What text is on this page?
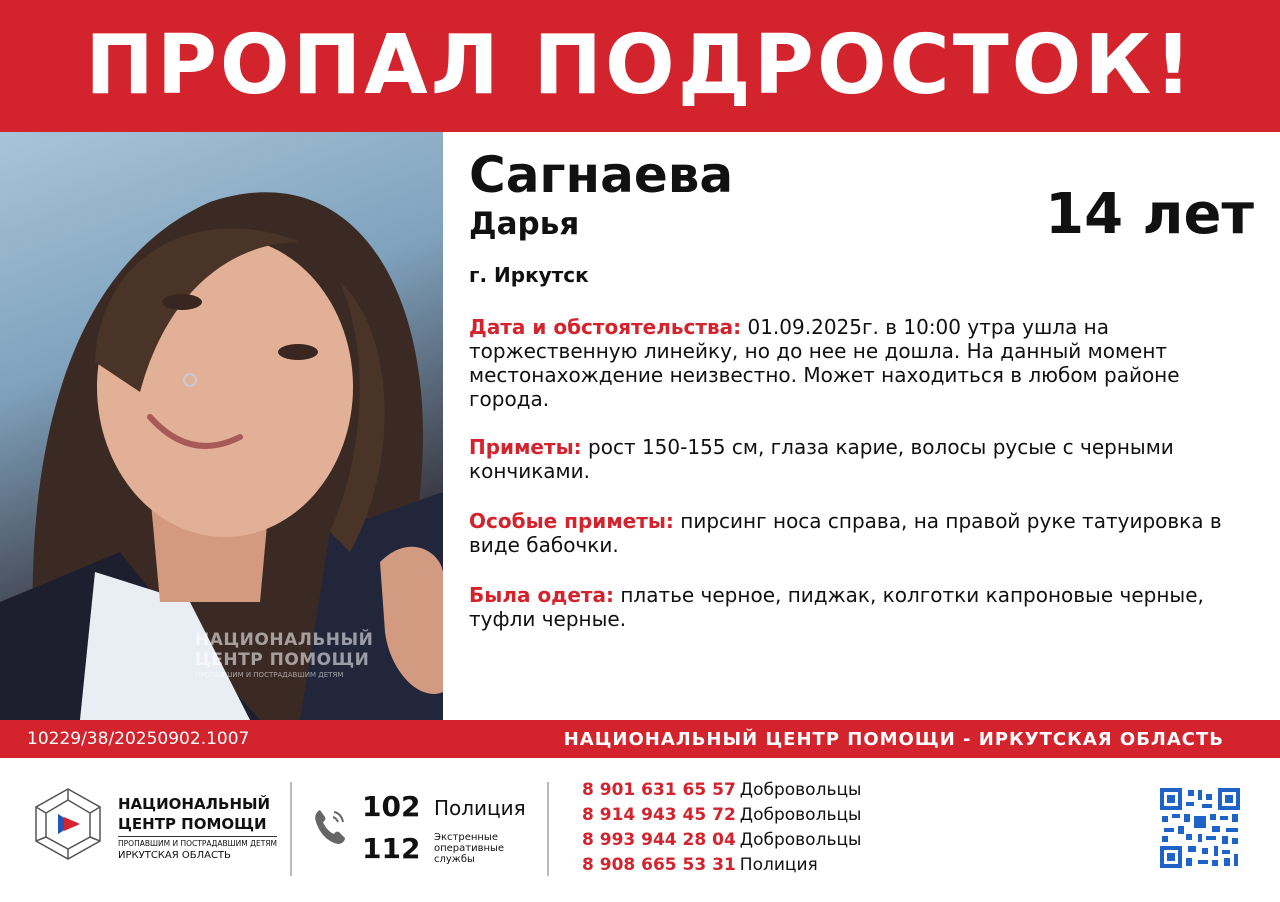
ПРОПАЛ ПОДРОСТОК!
НАЦИОНАЛЬНЫЙ
ЦЕНТР ПОМОЩИ
ПРОПАВШИМ И ПОСТРАДАВШИМ ДЕТЯМ
Сагнаева
Дарья	14 лет
г. Иркутск
Дата и обстоятельства: 01.09.2025г. в 10:00 утра ушла на торжественную линейку, но до нее не дошла. На данный момент местонахождение неизвестно. Может находиться в любом районе города.
Приметы: рост 150-155 см, глаза карие, волосы русые с черными кончиками.
Особые приметы: пирсинг носа справа, на правой руке татуировка в виде бабочки.
Была одета: платье черное, пиджак, колготки капроновые черные, туфли черные.
10229/38/20250902.1007	НАЦИОНАЛЬНЫЙ ЦЕНТР ПОМОЩИ - ИРКУТСКАЯ ОБЛАСТЬ
НАЦИОНАЛЬНЫЙ
ЦЕНТР ПОМОЩИ
ПРОПАВШИМ И ПОСТРАДАВШИМ ДЕТЯМ
ИРКУТСКАЯ ОБЛАСТЬ
102 Полиция
112 Экстренные оперативные службы
8 901 631 65 57 Добровольцы
8 914 943 45 72 Добровольцы
8 993 944 28 04 Добровольцы
8 908 665 53 31 Полиция
